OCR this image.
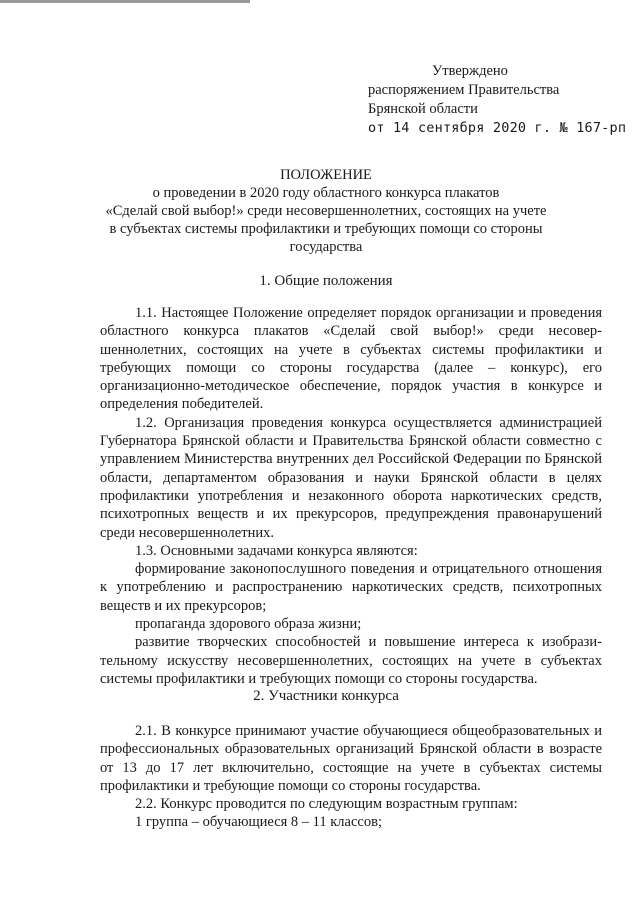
Утверждено
распоряжением Правительства
Брянской области
от 14 сентября 2020 г. № 167-рп
ПОЛОЖЕНИЕ
о проведении в 2020 году областного конкурса плакатов
«Сделай свой выбор!» среди несовершеннолетних, состоящих на учете
в субъектах системы профилактики и требующих помощи со стороны
государства
1. Общие положения

1.1. Настоящее Положение определяет порядок организации и проведения областного конкурса плакатов «Сделай свой выбор!» среди несовершеннолетних, состоящих на учете в субъектах системы профилактики и требующих помощи со стороны государства (далее – конкурс), его организационно-методическое обеспечение, порядок участия в конкурсе и определения победителей.

1.2. Организация проведения конкурса осуществляется администрацией Губернатора Брянской области и Правительства Брянской области совместно с управлением Министерства внутренних дел Российской Федерации по Брянской области, департаментом образования и науки Брянской области в целях профилактики употребления и незаконного оборота наркотических средств, психотропных веществ и их прекурсоров, предупреждения правонарушений среди несовершеннолетних.

1.3. Основными задачами конкурса являются:

формирование законопослушного поведения и отрицательного отношения к употреблению и распространению наркотических средств, психотропных веществ и их прекурсоров;

пропаганда здорового образа жизни;

развитие творческих способностей и повышение интереса к изобразительному искусству несовершеннолетних, состоящих на учете в субъектах системы профилактики и требующих помощи со стороны государства.

2. Участники конкурса

2.1. В конкурсе принимают участие обучающиеся общеобразовательных и профессиональных образовательных организаций Брянской области в возрасте от 13 до 17 лет включительно, состоящие на учете в субъектах системы профилактики и требующие помощи со стороны государства.

2.2. Конкурс проводится по следующим возрастным группам:

1 группа – обучающиеся 8 – 11 классов;
